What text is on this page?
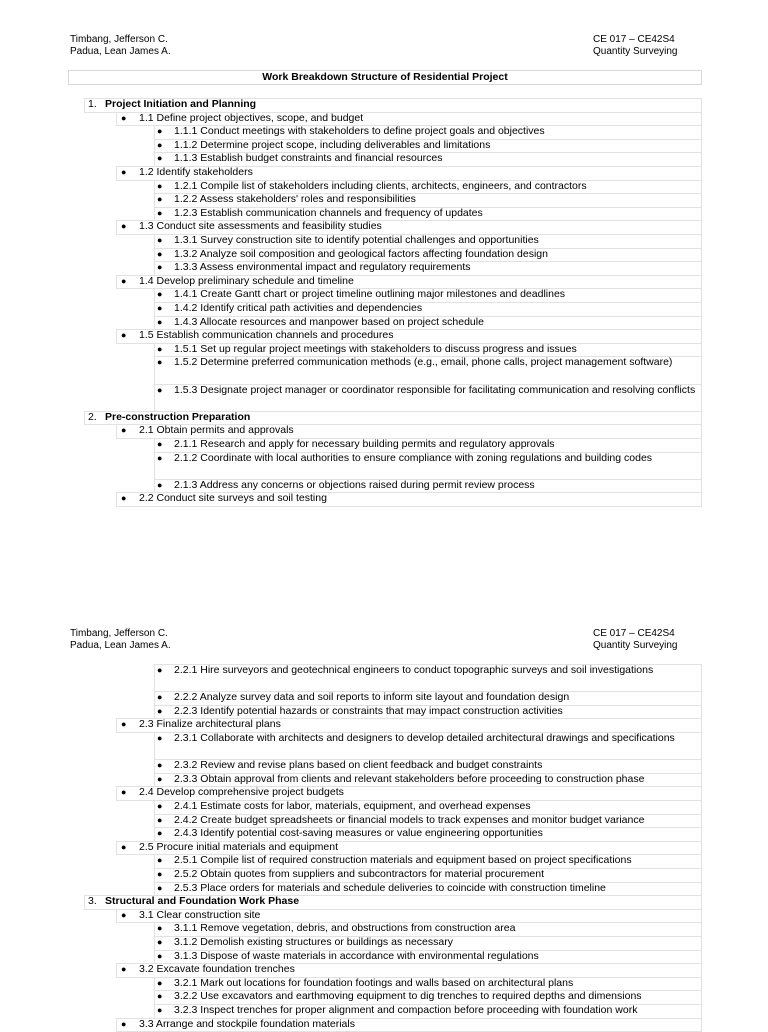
Timbang, Jefferson C.
Padua, Lean James A.
CE 017 – CE42S4
Quantity Surveying
Work Breakdown Structure of Residential Project
1. Project Initiation and Planning
● 1.1 Define project objectives, scope, and budget
● 1.1.1 Conduct meetings with stakeholders to define project goals and objectives
● 1.1.2 Determine project scope, including deliverables and limitations
● 1.1.3 Establish budget constraints and financial resources
● 1.2 Identify stakeholders
● 1.2.1 Compile list of stakeholders including clients, architects, engineers, and contractors
● 1.2.2 Assess stakeholders' roles and responsibilities
● 1.2.3 Establish communication channels and frequency of updates
● 1.3 Conduct site assessments and feasibility studies
● 1.3.1 Survey construction site to identify potential challenges and opportunities
● 1.3.2 Analyze soil composition and geological factors affecting foundation design
● 1.3.3 Assess environmental impact and regulatory requirements
● 1.4 Develop preliminary schedule and timeline
● 1.4.1 Create Gantt chart or project timeline outlining major milestones and deadlines
● 1.4.2 Identify critical path activities and dependencies
● 1.4.3 Allocate resources and manpower based on project schedule
● 1.5 Establish communication channels and procedures
● 1.5.1 Set up regular project meetings with stakeholders to discuss progress and issues
● 1.5.2 Determine preferred communication methods (e.g., email, phone calls, project management software)
● 1.5.3 Designate project manager or coordinator responsible for facilitating communication and resolving conflicts
2. Pre-construction Preparation
● 2.1 Obtain permits and approvals
● 2.1.1 Research and apply for necessary building permits and regulatory approvals
● 2.1.2 Coordinate with local authorities to ensure compliance with zoning regulations and building codes
● 2.1.3 Address any concerns or objections raised during permit review process
● 2.2 Conduct site surveys and soil testing
Timbang, Jefferson C.
Padua, Lean James A.
CE 017 – CE42S4
Quantity Surveying
● 2.2.1 Hire surveyors and geotechnical engineers to conduct topographic surveys and soil investigations
● 2.2.2 Analyze survey data and soil reports to inform site layout and foundation design
● 2.2.3 Identify potential hazards or constraints that may impact construction activities
● 2.3 Finalize architectural plans
● 2.3.1 Collaborate with architects and designers to develop detailed architectural drawings and specifications
● 2.3.2 Review and revise plans based on client feedback and budget constraints
● 2.3.3 Obtain approval from clients and relevant stakeholders before proceeding to construction phase
● 2.4 Develop comprehensive project budgets
● 2.4.1 Estimate costs for labor, materials, equipment, and overhead expenses
● 2.4.2 Create budget spreadsheets or financial models to track expenses and monitor budget variance
● 2.4.3 Identify potential cost-saving measures or value engineering opportunities
● 2.5 Procure initial materials and equipment
● 2.5.1 Compile list of required construction materials and equipment based on project specifications
● 2.5.2 Obtain quotes from suppliers and subcontractors for material procurement
● 2.5.3 Place orders for materials and schedule deliveries to coincide with construction timeline
3. Structural and Foundation Work Phase
● 3.1 Clear construction site
● 3.1.1 Remove vegetation, debris, and obstructions from construction area
● 3.1.2 Demolish existing structures or buildings as necessary
● 3.1.3 Dispose of waste materials in accordance with environmental regulations
● 3.2 Excavate foundation trenches
● 3.2.1 Mark out locations for foundation footings and walls based on architectural plans
● 3.2.2 Use excavators and earthmoving equipment to dig trenches to required depths and dimensions
● 3.2.3 Inspect trenches for proper alignment and compaction before proceeding with foundation work
● 3.3 Arrange and stockpile foundation materials
